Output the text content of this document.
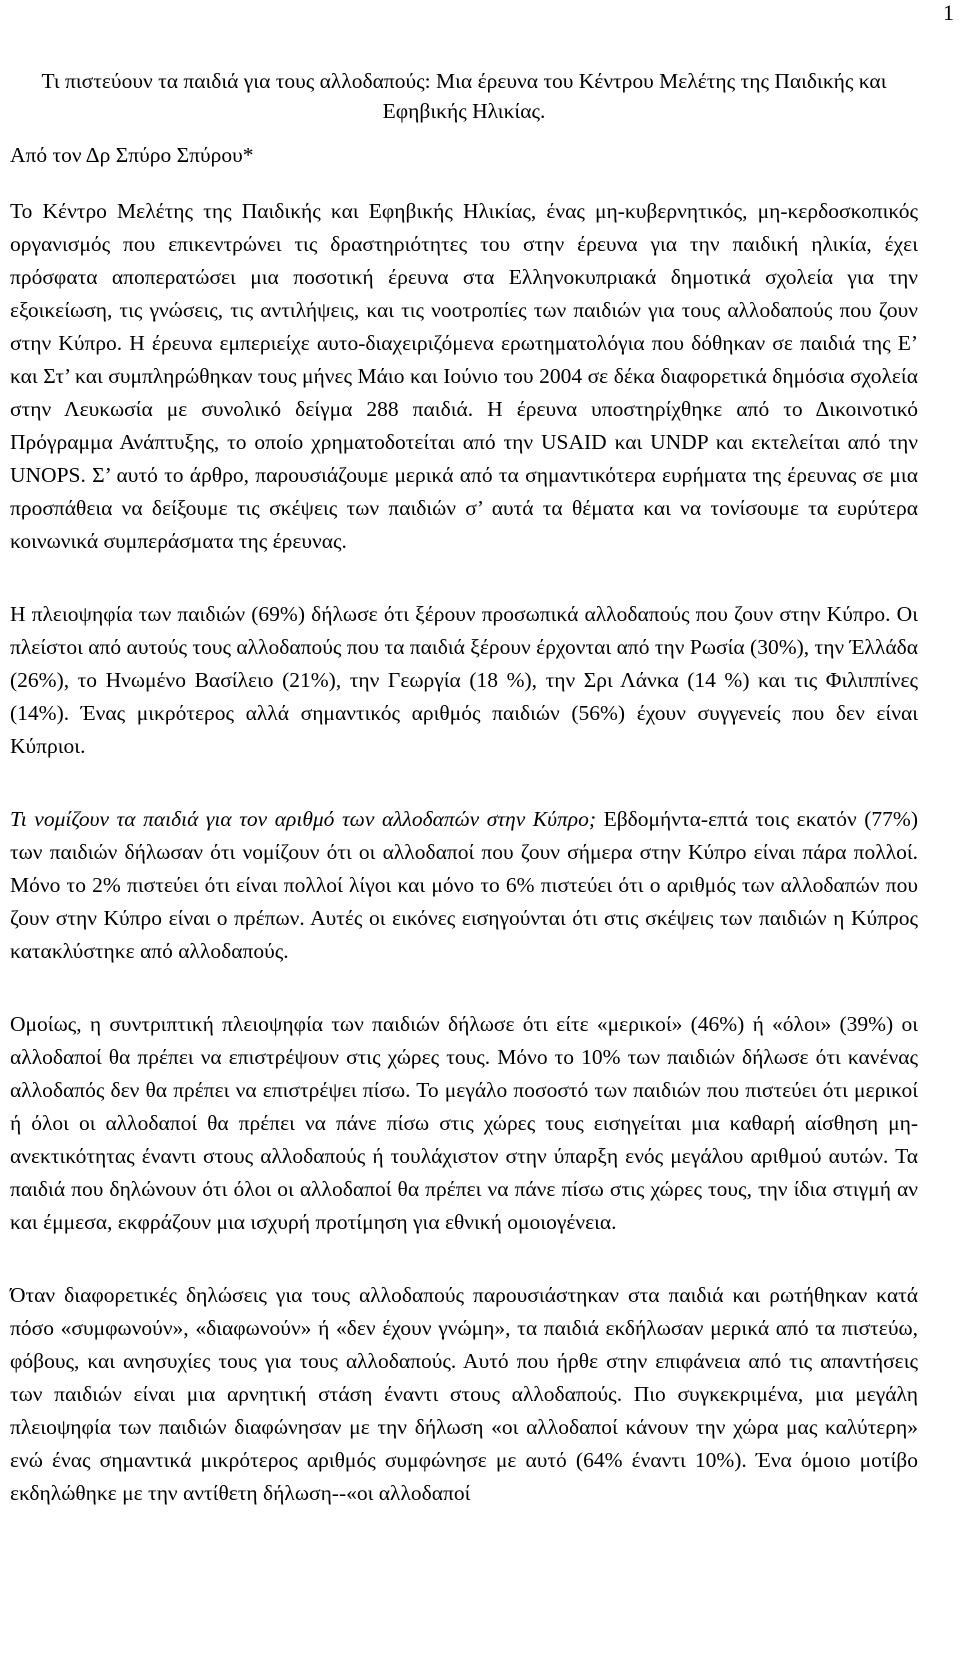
1
Τι πιστεύουν τα παιδιά για τους αλλοδαπούς: Μια έρευνα του Κέντρου Μελέτης της Παιδικής και Εφηβικής Ηλικίας.

Από τον Δρ Σπύρο Σπύρου*

Το Κέντρο Μελέτης της Παιδικής και Εφηβικής Ηλικίας, ένας μη-κυβερνητικός, μη-κερδοσκοπικός οργανισμός που επικεντρώνει τις δραστηριότητες του στην έρευνα για την παιδική ηλικία, έχει πρόσφατα αποπερατώσει μια ποσοτική έρευνα στα Ελληνοκυπριακά δημοτικά σχολεία για την εξοικείωση, τις γνώσεις, τις αντιλήψεις, και τις νοοτροπίες των παιδιών για τους αλλοδαπούς που ζουν στην Κύπρο. Η έρευνα εμπεριείχε αυτο-διαχειριζόμενα ερωτηματολόγια που δόθηκαν σε παιδιά της Ε’ και Στ’ και συμπληρώθηκαν τους μήνες Μάιο και Ιούνιο του 2004 σε δέκα διαφορετικά δημόσια σχολεία στην Λευκωσία με συνολικό δείγμα 288 παιδιά. Η έρευνα υποστηρίχθηκε από το Δικοινοτικό Πρόγραμμα Ανάπτυξης, το οποίο χρηματοδοτείται από την USAID και UNDP και εκτελείται από την UNOPS. Σ’ αυτό το άρθρο, παρουσιάζουμε μερικά από τα σημαντικότερα ευρήματα της έρευνας σε μια προσπάθεια να δείξουμε τις σκέψεις των παιδιών σ’ αυτά τα θέματα και να τονίσουμε τα ευρύτερα κοινωνικά συμπεράσματα της έρευνας.

Η πλειοψηφία των παιδιών (69%) δήλωσε ότι ξέρουν προσωπικά αλλοδαπούς που ζουν στην Κύπρο. Οι πλείστοι από αυτούς τους αλλοδαπούς που τα παιδιά ξέρουν έρχονται από την Ρωσία (30%), την Έλλάδα (26%), το Ηνωμένο Βασίλειο (21%), την Γεωργία (18 %), την Σρι Λάνκα (14 %) και τις Φιλιππίνες (14%). Ένας μικρότερος αλλά σημαντικός αριθμός παιδιών (56%) έχουν συγγενείς που δεν είναι Κύπριοι.

Τι νομίζουν τα παιδιά για τον αριθμό των αλλοδαπών στην Κύπρο; Εβδομήντα-επτά τοις εκατόν (77%) των παιδιών δήλωσαν ότι νομίζουν ότι οι αλλοδαποί που ζουν σήμερα στην Κύπρο είναι πάρα πολλοί. Μόνο το 2% πιστεύει ότι είναι πολλοί λίγοι και μόνο το 6% πιστεύει ότι ο αριθμός των αλλοδαπών που ζουν στην Κύπρο είναι ο πρέπων. Αυτές οι εικόνες εισηγούνται ότι στις σκέψεις των παιδιών η Κύπρος κατακλύστηκε από αλλοδαπούς.

Ομοίως, η συντριπτική πλειοψηφία των παιδιών δήλωσε ότι είτε «μερικοί» (46%) ή «όλοι» (39%) οι αλλοδαποί θα πρέπει να επιστρέψουν στις χώρες τους. Μόνο το 10% των παιδιών δήλωσε ότι κανένας αλλοδαπός δεν θα πρέπει να επιστρέψει πίσω. Το μεγάλο ποσοστό των παιδιών που πιστεύει ότι μερικοί ή όλοι οι αλλοδαποί θα πρέπει να πάνε πίσω στις χώρες τους εισηγείται μια καθαρή αίσθηση μη-ανεκτικότητας έναντι στους αλλοδαπούς ή τουλάχιστον στην ύπαρξη ενός μεγάλου αριθμού αυτών. Τα παιδιά που δηλώνουν ότι όλοι οι αλλοδαποί θα πρέπει να πάνε πίσω στις χώρες τους, την ίδια στιγμή αν και έμμεσα, εκφράζουν μια ισχυρή προτίμηση για εθνική ομοιογένεια.

Όταν διαφορετικές δηλώσεις για τους αλλοδαπούς παρουσιάστηκαν στα παιδιά και ρωτήθηκαν κατά πόσο «συμφωνούν», «διαφωνούν» ή «δεν έχουν γνώμη», τα παιδιά εκδήλωσαν μερικά από τα πιστεύω, φόβους, και ανησυχίες τους για τους αλλοδαπούς. Αυτό που ήρθε στην επιφάνεια από τις απαντήσεις των παιδιών είναι μια αρνητική στάση έναντι στους αλλοδαπούς. Πιο συγκεκριμένα, μια μεγάλη πλειοψηφία των παιδιών διαφώνησαν με την δήλωση «οι αλλοδαποί κάνουν την χώρα μας καλύτερη» ενώ ένας σημαντικά μικρότερος αριθμός συμφώνησε με αυτό (64% έναντι 10%). Ένα όμοιο μοτίβο εκδηλώθηκε με την αντίθετη δήλωση--«οι αλλοδαποί
